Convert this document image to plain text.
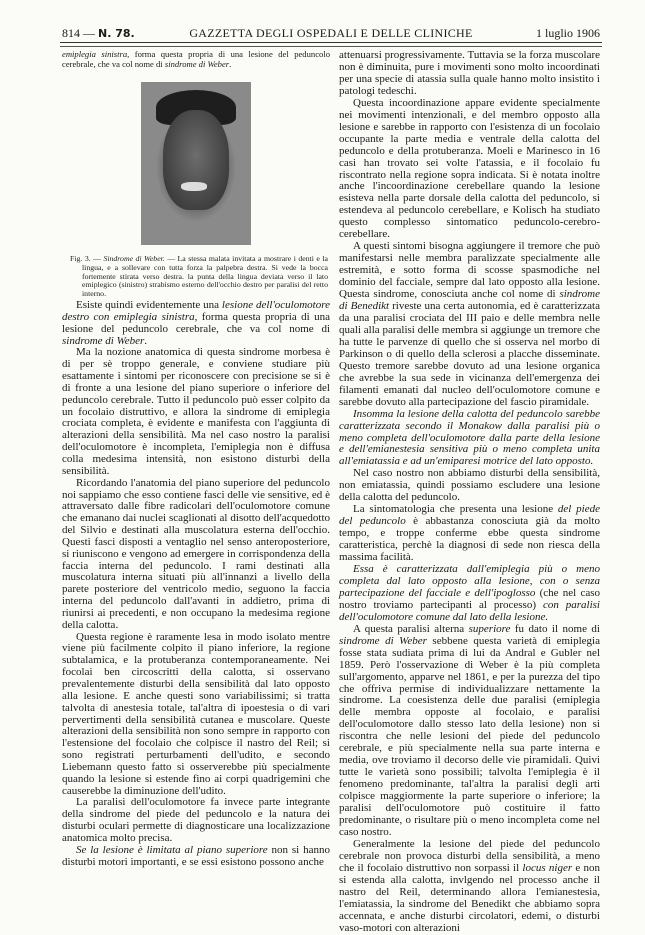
814 — N. 78.	GAZZETTA DEGLI OSPEDALI E DELLE CLINICHE	1 luglio 1906

emiplegia sinistra, forma questa propria di una lesione del peduncolo cerebrale, che va col nome di sindrome di Weber.

Fig. 3. — Sindrome di Weber. — La stessa malata invitata a mostrare i denti e la lingua, e a sollevare con tutta forza la palpebra destra. Si vede la bocca fortemente stirata verso destra. la punta della lingua deviata verso il lato emiplegico (sinistro) strabismo esterno dell'occhio destro per paralisi del retto interno.

Esiste quindi evidentemente una lesione dell'oculomotore destro con emiplegia sinistra, forma questa propria di una lesione del peduncolo cerebrale, che va col nome di sindrome di Weber.

Ma la nozione anatomica di questa sindrome morbesa è di per sè troppo generale, e conviene studiare più esattamente i sintomi per riconoscere con precisione se si è di fronte a una lesione del piano superiore o inferiore del peduncolo cerebrale. Tutto il peduncolo può esser colpito da un focolaio distruttivo, e allora la sindrome di emiplegia crociata completa, è evidente e manifesta con l'aggiunta di alterazioni della sensibilità. Ma nel caso nostro la paralisi dell'oculomotore è incompleta, l'emiplegia non è diffusa colla medesima intensità, non esistono disturbi della sensibilità.

Ricordando l'anatomia del piano superiore del peduncolo noi sappiamo che esso contiene fasci delle vie sensitive, ed è attraversato dalle fibre radicolari dell'oculomotore comune che emanano dai nuclei scaglionati al disotto dell'acquedotto del Silvio e destinati alla muscolatura esterna dell'occhio. Questi fasci disposti a ventaglio nel senso anteroposteriore, si riuniscono e vengono ad emergere in corrispondenza della faccia interna del peduncolo. I rami destinati alla muscolatura interna situati più all'innanzi a livello della parete posteriore del ventricolo medio, seguono la faccia interna del peduncolo dall'avanti in addietro, prima di riunirsi ai precedenti, e non occupano la medesima regione della calotta.

Questa regione è raramente lesa in modo isolato mentre viene più facilmente colpito il piano inferiore, la regione subtalamica, e la protuberanza contemporaneamente. Nei focolai ben circoscritti della calotta, si osservano prevalentemente disturbi della sensibilità dal lato opposto alla lesione. E anche questi sono variabilissimi; si tratta talvolta di anestesia totale, tal'altra di ipoestesia o di vari pervertimenti della sensibilità cutanea e muscolare. Queste alterazioni della sensibilità non sono sempre in rapporto con l'estensione del focolaio che colpisce il nastro del Reil; si sono registrati perturbamenti dell'udito, e secondo Liebemann questo fatto si osserverebbe più specialmente quando la lesione si estende fino ai corpi quadrigemini che causerebbe la diminuzione dell'udito.

La paralisi dell'oculomotore fa invece parte integrante della sindrome del piede del peduncolo e la natura dei disturbi oculari permette di diagnosticare una localizzazione anatomica molto precisa.

Se la lesione è limitata al piano superiore non si hanno disturbi motori importanti, e se essi esistono possono anche

attenuarsi progressivamente. Tuttavia se la forza muscolare non è diminuita, pure i movimenti sono molto incoordinati per una specie di atassia sulla quale hanno molto insistito i patologi tedeschi.

Questa incoordinazione appare evidente specialmente nei movimenti intenzionali, e del membro opposto alla lesione e sarebbe in rapporto con l'esistenza di un focolaio occupante la parte media e ventrale della calotta del peduncolo e della protuberanza. Moeli e Marinesco in 16 casi han trovato sei volte l'atassia, e il focolaio fu riscontrato nella regione sopra indicata. Si è notata inoltre anche l'incoordinazione cerebellare quando la lesione esisteva nella parte dorsale della calotta del peduncolo, si estendeva al peduncolo cerebellare, e Kolisch ha studiato questo complesso sintomatico peduncolo-cerebro-cerebellare.

A questi sintomi bisogna aggiungere il tremore che può manifestarsi nelle membra paralizzate specialmente alle estremità, e sotto forma di scosse spasmodiche nel dominio del facciale, sempre dal lato opposto alla lesione. Questa sindrome, conosciuta anche col nome di sindrome di Benedikt riveste una certa autonomia, ed è caratterizzata da una paralisi crociata del III paio e delle membra nelle quali alla paralisi delle membra si aggiunge un tremore che ha tutte le parvenze di quello che si osserva nel morbo di Parkinson o di quello della sclerosi a placche disseminate. Questo tremore sarebbe dovuto ad una lesione organica che avrebbe la sua sede in vicinanza dell'emergenza dei filamenti emanati dal nucleo dell'oculomotore comune e sarebbe dovuto alla partecipazione del fascio piramidale.

Insomma la lesione della calotta del peduncolo sarebbe caratterizzata secondo il Monakow dalla paralisi più o meno completa dell'oculomotore dalla parte della lesione e dell'emianestesia sensitiva più o meno completa unita all'emiatassia e ad un'emiparesi motrice del lato opposto.

Nel caso nostro non abbiamo disturbi della sensibilità, non emiatassia, quindi possiamo escludere una lesione della calotta del peduncolo.

La sintomatologia che presenta una lesione del piede del peduncolo è abbastanza conosciuta già da molto tempo, e troppe conferme ebbe questa sindrome caratteristica, perchè la diagnosi di sede non riesca della massima facilità.

Essa è caratterizzata dall'emiplegia più o meno completa dal lato opposto alla lesione, con o senza partecipazione del facciale e dell'ipoglosso (che nel caso nostro troviamo partecipanti al processo) con paralisi dell'oculomotore comune dal lato della lesione.

A questa paralisi alterna superiore fu dato il nome di sindrome di Weber sebbene questa varietà di emiplegia fosse stata sudiata prima di lui da Andral e Gubler nel 1859. Però l'osservazione di Weber è la più completa sull'argomento, apparve nel 1861, e per la purezza del tipo che offriva permise di individualizzare nettamente la sindrome. La coesistenza delle due paralisi (emiplegia delle membra opposte al focolaio, e paralisi dell'oculomotore dallo stesso lato della lesione) non si riscontra che nelle lesioni del piede del peduncolo cerebrale, e più specialmente nella sua parte interna e media, ove troviamo il decorso delle vie piramidali. Quivi tutte le varietà sono possibili; talvolta l'emiplegia è il fenomeno predominante, tal'altra la paralisi degli arti colpisce maggiormente la parte superiore o inferiore; la paralisi dell'oculomotore può costituire il fatto predominante, o risultare più o meno incompleta come nel caso nostro.

Generalmente la lesione del piede del peduncolo cerebrale non provoca disturbi della sensibilità, a meno che il focolaio distruttivo non sorpassi il locus niger e non si estenda alla calotta, invlgendo nel processo anche il nastro del Reil, determinando allora l'emianestesia, l'emiatassia, la sindrome del Benedikt che abbiamo sopra accennata, e anche disturbi circolatori, edemi, o disturbi vaso-motori con alterazioni
